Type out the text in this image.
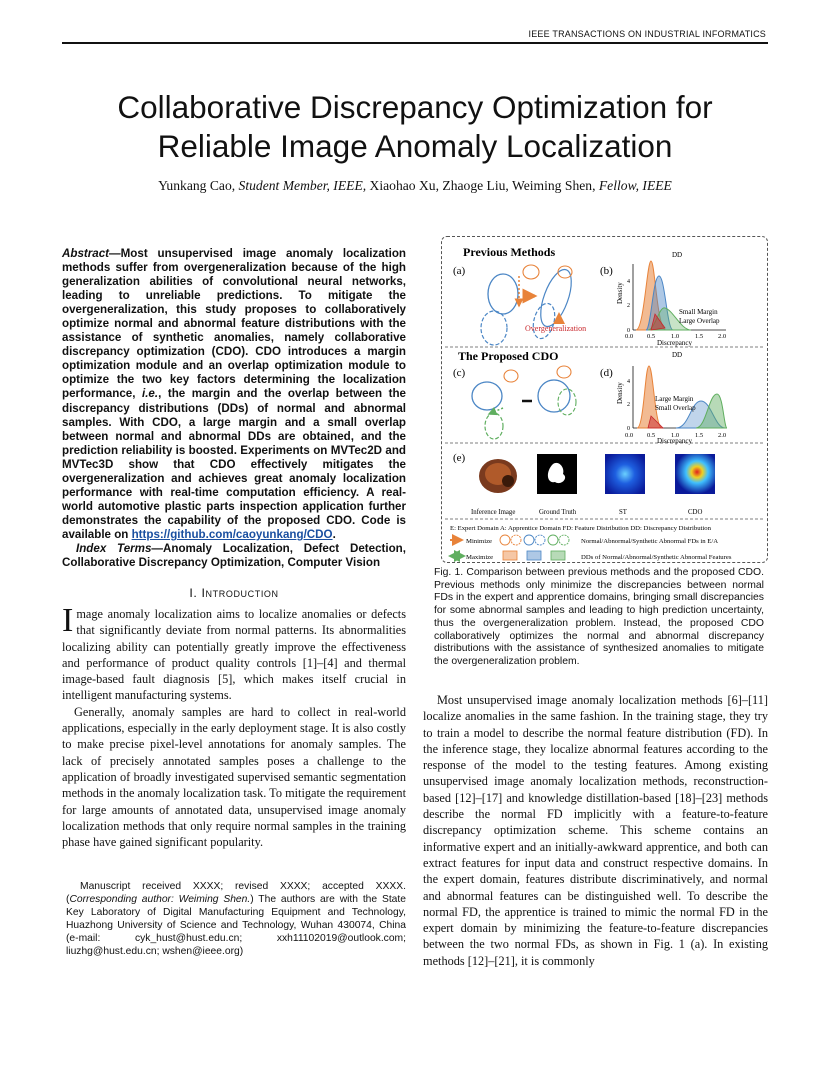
IEEE TRANSACTIONS ON INDUSTRIAL INFORMATICS
Collaborative Discrepancy Optimization for
Reliable Image Anomaly Localization
Yunkang Cao, Student Member, IEEE, Xiaohao Xu, Zhaoge Liu, Weiming Shen, Fellow, IEEE
Abstract—Most unsupervised image anomaly localization methods suffer from overgeneralization because of the high generalization abilities of convolutional neural networks, leading to unreliable predictions. To mitigate the overgeneralization, this study proposes to collaboratively optimize normal and abnormal feature distributions with the assistance of synthetic anomalies, namely collaborative discrepancy optimization (CDO). CDO introduces a margin optimization module and an overlap optimization module to optimize the two key factors determining the localization performance, i.e., the margin and the overlap between the discrepancy distributions (DDs) of normal and abnormal samples. With CDO, a large margin and a small overlap between normal and abnormal DDs are obtained, and the prediction reliability is boosted. Experiments on MVTec2D and MVTec3D show that CDO effectively mitigates the overgeneralization and achieves great anomaly localization performance with real-time computation efficiency. A real-world automotive plastic parts inspection application further demonstrates the capability of the proposed CDO. Code is available on https://github.com/caoyunkang/CDO.
Index Terms—Anomaly Localization, Defect Detection, Collaborative Discrepancy Optimization, Computer Vision
I. Introduction
Image anomaly localization aims to localize anomalies or defects that significantly deviate from normal patterns. Its abnormalities localizing ability can potentially greatly improve the effectiveness and performance of product quality controls [1]–[4] and thermal image-based fault diagnosis [5], which makes itself crucial in intelligent manufacturing systems.
Generally, anomaly samples are hard to collect in real-world applications, especially in the early deployment stage. It is also costly to make precise pixel-level annotations for anomaly samples. The lack of precisely annotated samples poses a challenge to the application of broadly investigated supervised semantic segmentation methods in the anomaly localization task. To mitigate the requirement for large amounts of annotated data, unsupervised image anomaly localization methods that only require normal samples in the training phase have gained significant popularity.
Manuscript received XXXX; revised XXXX; accepted XXXX. (Corresponding author: Weiming Shen.) The authors are with the State Key Laboratory of Digital Manufacturing Equipment and Technology, Huazhong University of Science and Technology, Wuhan 430074, China (e-mail: cyk_hust@hust.edu.cn; xxh11102019@outlook.com; liuzhg@hust.edu.cn; wshen@ieee.org)
Previous Methods
The Proposed CDO
(a)
Overgeneralization
(b)
DD
Density
0
2
4
0.0 0.5 1.0 1.5 2.0
Discrepancy
Small Margin
Large Overlap
(c)	(d)
DD
Density
0
2
4
0.0 0.5 1.0 1.5 2.0
Discrepancy
Large Margin
Small Overlap
(e)
Inference Image	Ground Truth	ST	CDO
E: Expert Domain A: Apprentice Domain FD: Feature Distribution DD: Discrepancy Distribution
Minimize	Normal/Abnormal/Synthetic Abnormal FDs in E/A
Maximize	DDs of Normal/Abnormal/Synthetic Abnormal Features
Fig. 1. Comparison between previous methods and the proposed CDO. Previous methods only minimize the discrepancies between normal FDs in the expert and apprentice domains, bringing small discrepancies for some abnormal samples and leading to high prediction uncertainty, thus the overgeneralization problem. Instead, the proposed CDO collaboratively optimizes the normal and abnormal discrepancy distributions with the assistance of synthesized anomalies to mitigate the overgeneralization problem.
Most unsupervised image anomaly localization methods [6]–[11] localize anomalies in the same fashion. In the training stage, they try to train a model to describe the normal feature distribution (FD). In the inference stage, they localize abnormal features according to the response of the model to the testing features. Among existing unsupervised image anomaly localization methods, reconstruction-based [12]–[17] and knowledge distillation-based [18]–[23] methods describe the normal FD implicitly with a feature-to-feature discrepancy optimization scheme. This scheme contains an informative expert and an initially-awkward apprentice, and both can extract features for input data and construct respective domains. In the expert domain, features distribute discriminatively, and normal and abnormal features can be distinguished well. To describe the normal FD, the apprentice is trained to mimic the normal FD in the expert domain by minimizing the feature-to-feature discrepancies between the two normal FDs, as shown in Fig. 1 (a). In existing methods [12]–[21], it is commonly
